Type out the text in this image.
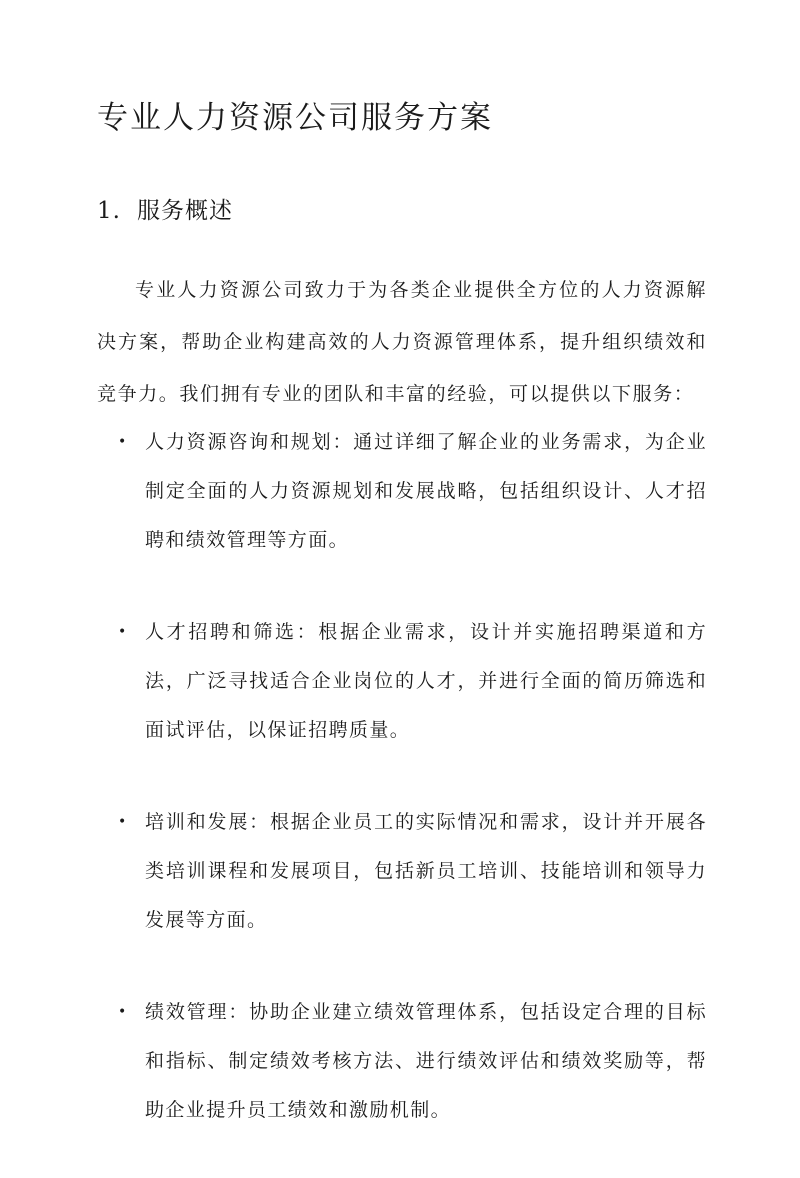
专业人力资源公司服务方案
1. 服务概述

专业人力资源公司致力于为各类企业提供全方位的人力资源解决方案，帮助企业构建高效的人力资源管理体系，提升组织绩效和竞争力。我们拥有专业的团队和丰富的经验，可以提供以下服务：

• 人力资源咨询和规划：通过详细了解企业的业务需求，为企业制定全面的人力资源规划和发展战略，包括组织设计、人才招聘和绩效管理等方面。
• 人才招聘和筛选：根据企业需求，设计并实施招聘渠道和方法，广泛寻找适合企业岗位的人才，并进行全面的简历筛选和面试评估，以保证招聘质量。
• 培训和发展：根据企业员工的实际情况和需求，设计并开展各类培训课程和发展项目，包括新员工培训、技能培训和领导力发展等方面。
• 绩效管理：协助企业建立绩效管理体系，包括设定合理的目标和指标、制定绩效考核方法、进行绩效评估和绩效奖励等，帮助企业提升员工绩效和激励机制。
